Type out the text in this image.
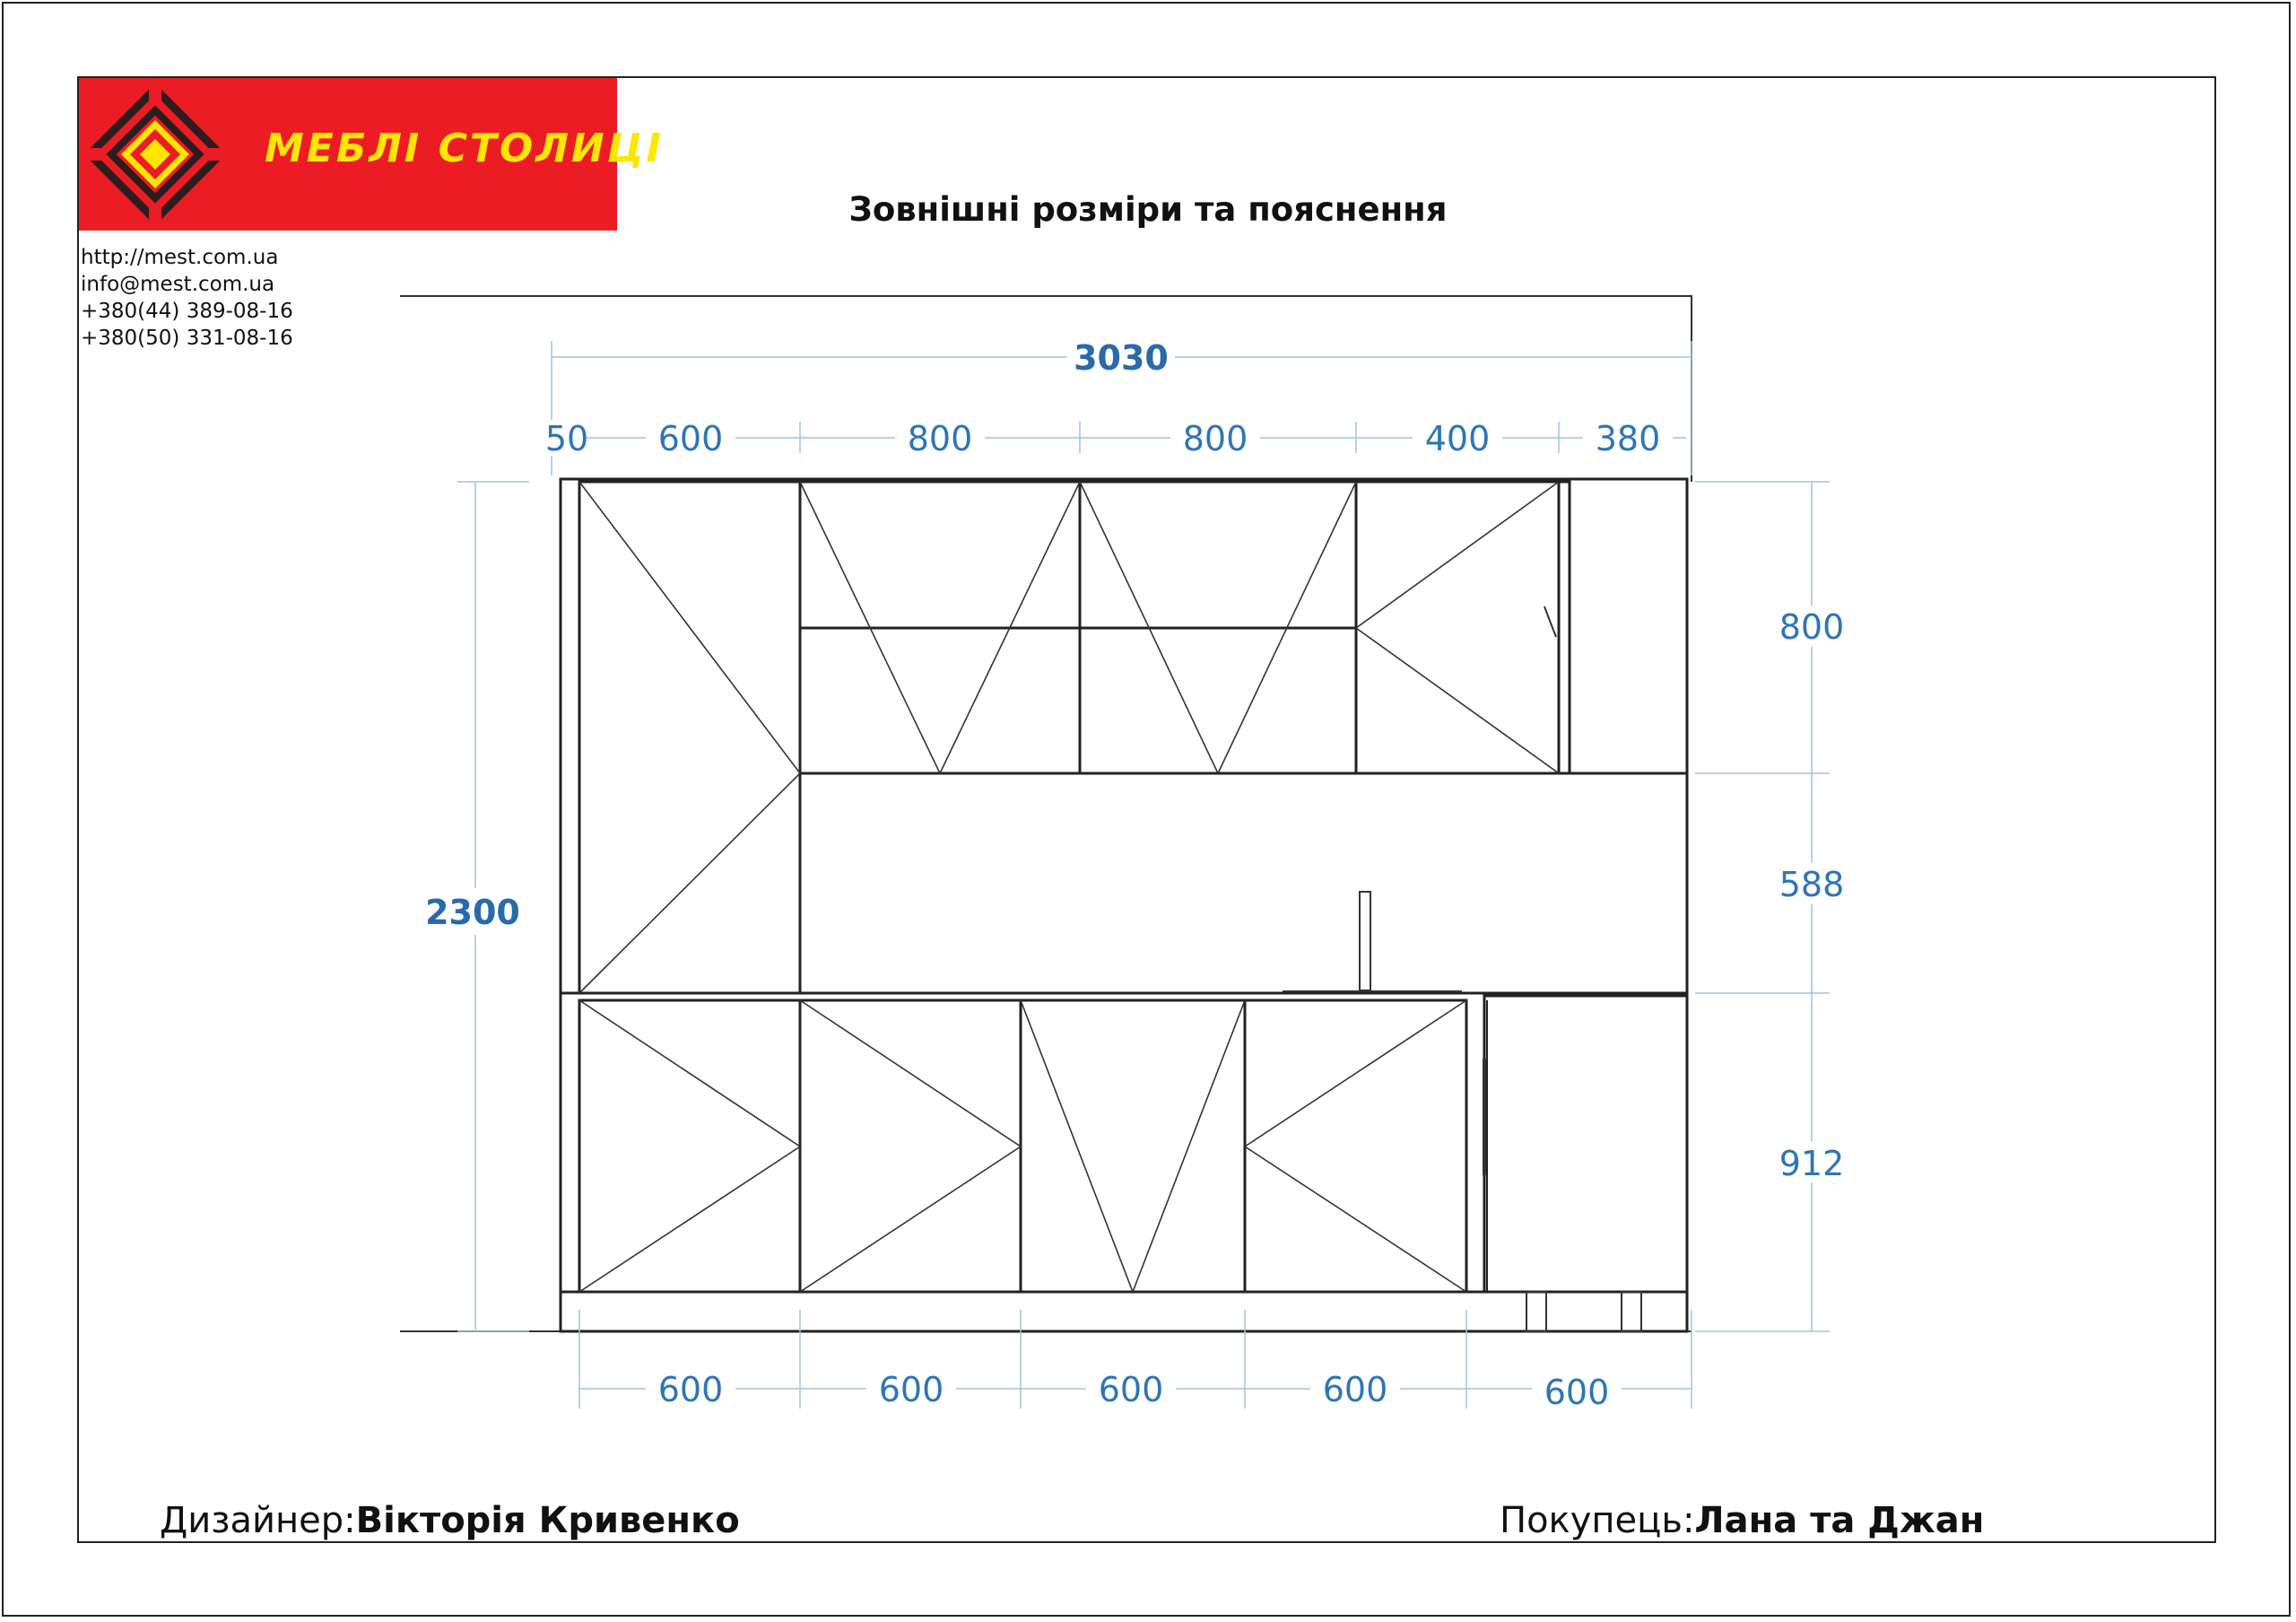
МЕБЛІ СТОЛИЦІ
http://mest.com.ua
info@mest.com.ua
+380(44) 389-08-16
+380(50) 331-08-16
Зовнішні розміри та пояснення
3030
50 600	800	800	400	380
2300
800
588
912
600	600	600	600	600
Дизайнер:Вікторія Кривенко	Покупець:Лана та Джан
